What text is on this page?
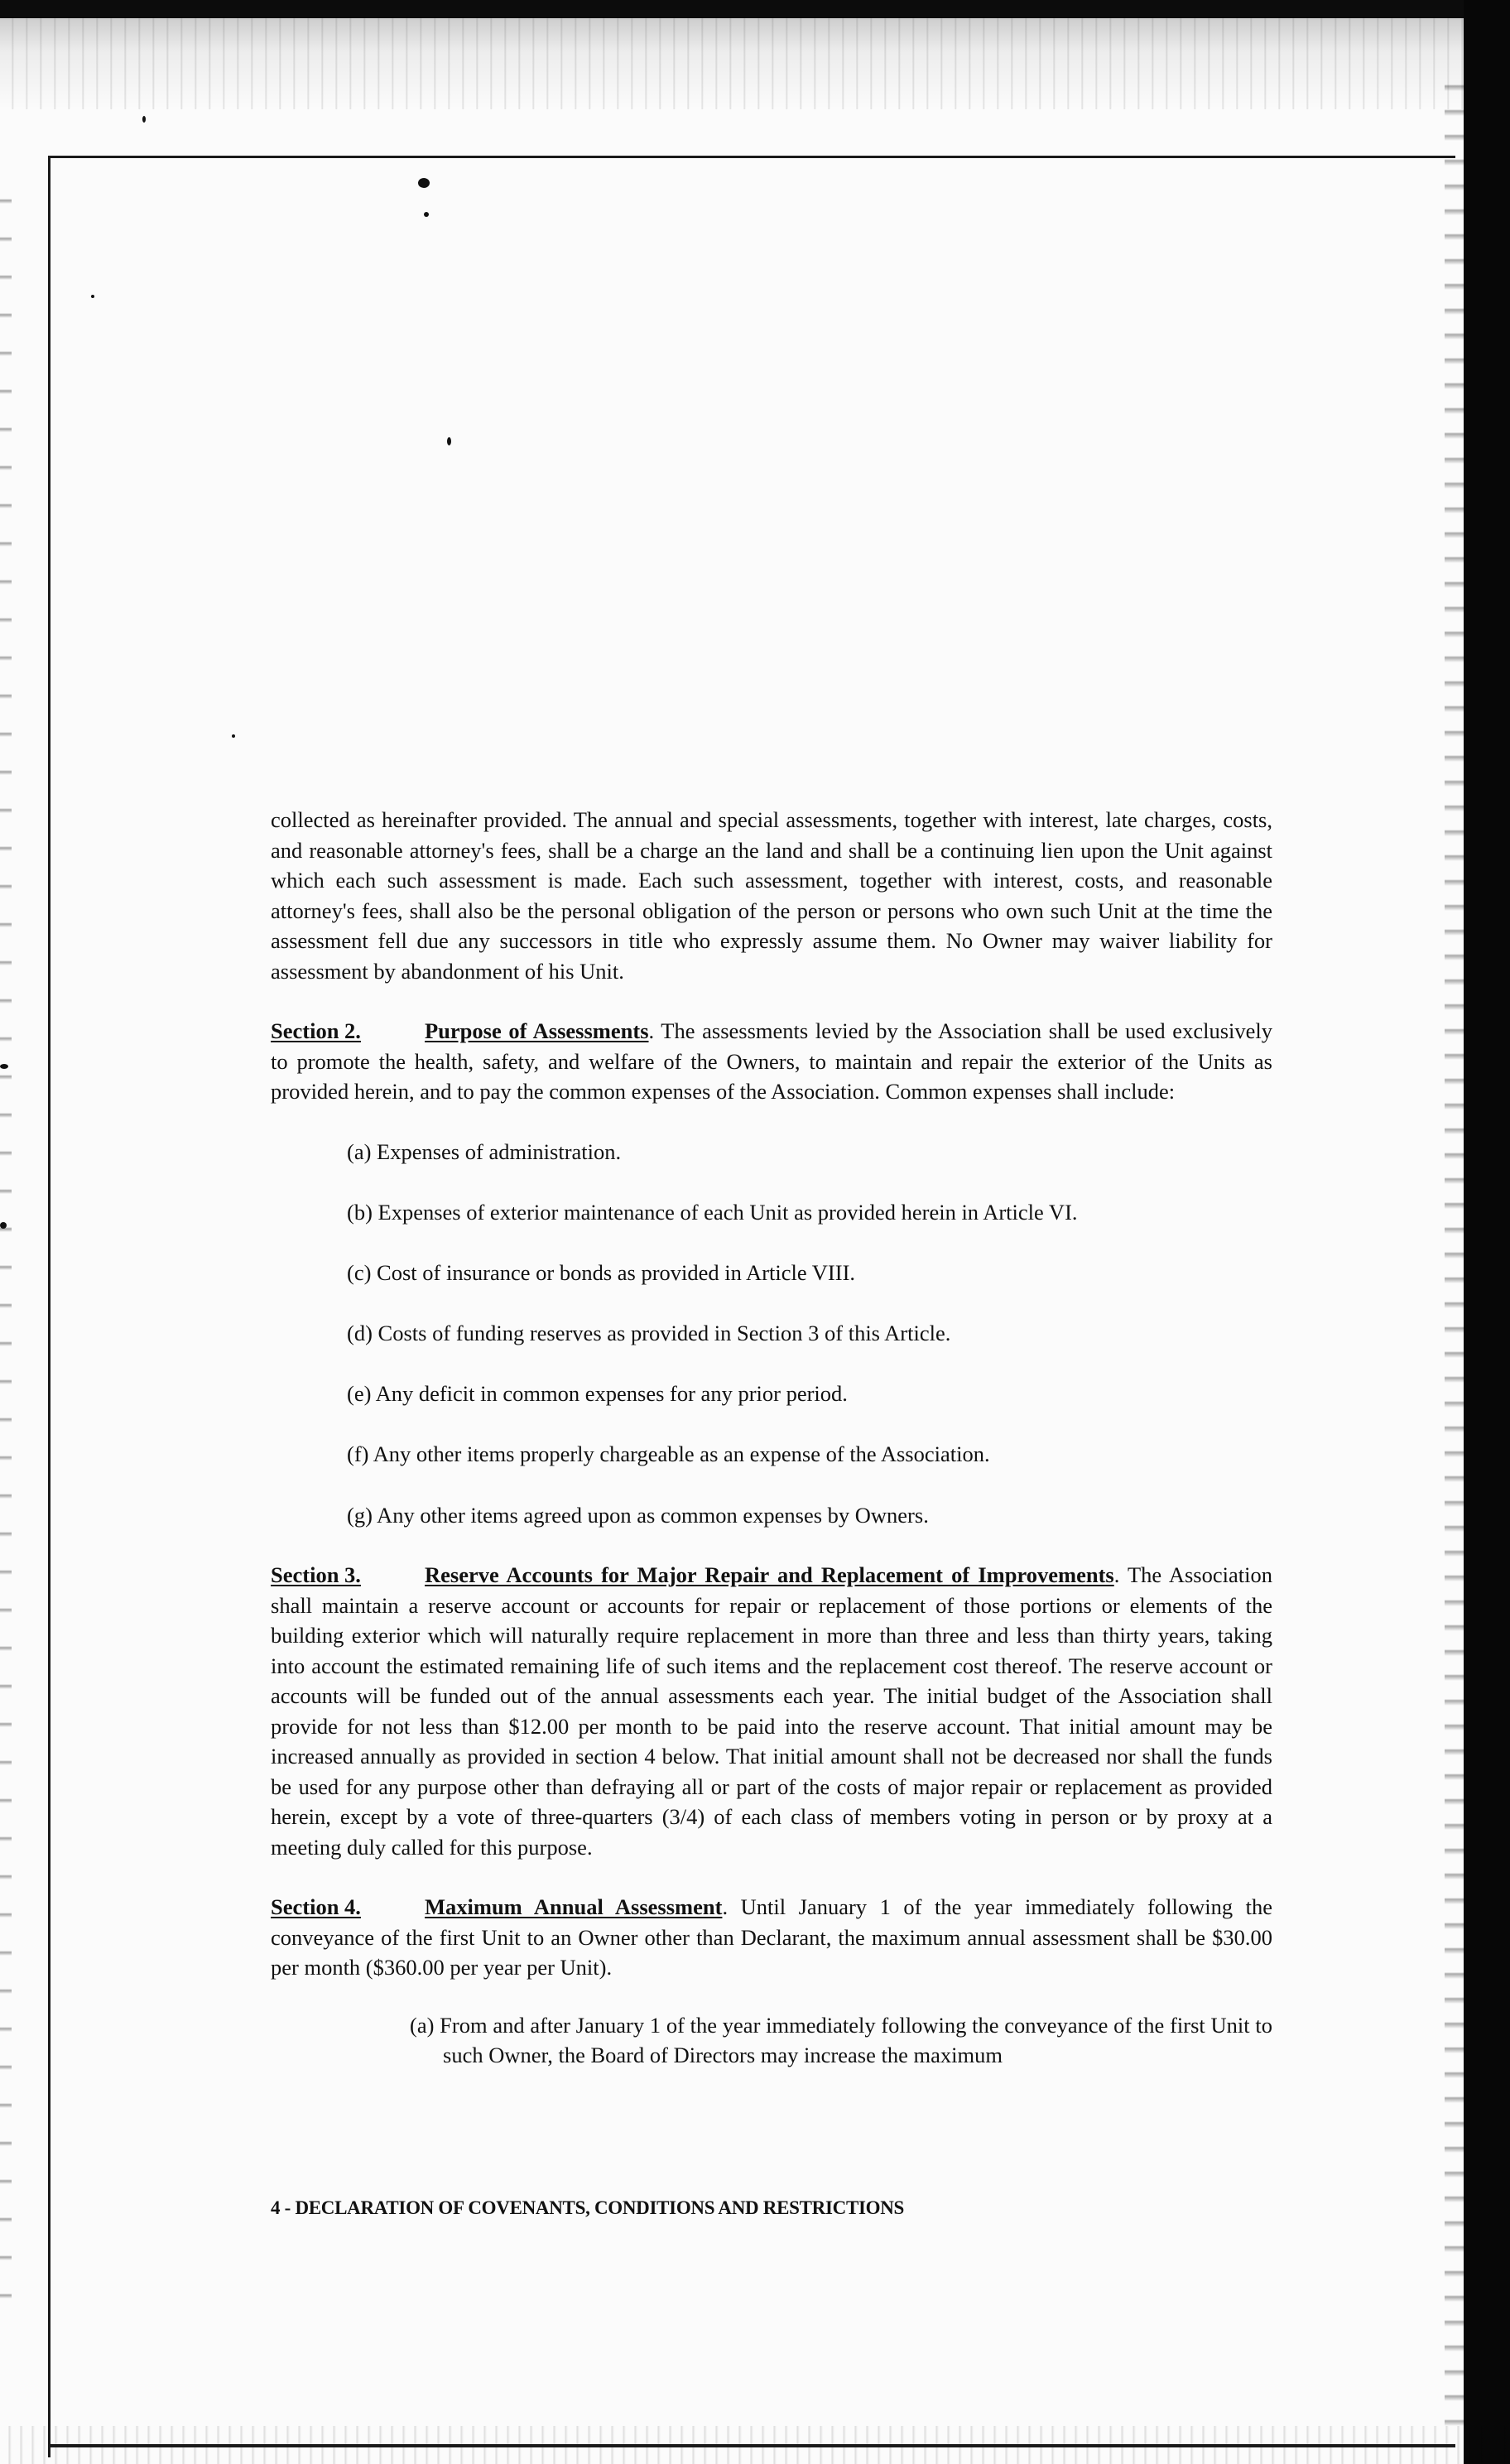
collected as hereinafter provided. The annual and special assessments, together with interest, late charges, costs, and reasonable attorney's fees, shall be a charge an the land and shall be a continuing lien upon the Unit against which each such assessment is made. Each such assessment, together with interest, costs, and reasonable attorney's fees, shall also be the personal obligation of the person or persons who own such Unit at the time the assessment fell due any successors in title who expressly assume them. No Owner may waiver liability for assessment by abandonment of his Unit.

Section 2.	Purpose of Assessments. The assessments levied by the Association shall be used exclusively to promote the health, safety, and welfare of the Owners, to maintain and repair the exterior of the Units as provided herein, and to pay the common expenses of the Association. Common expenses shall include:

(a) Expenses of administration.

(b) Expenses of exterior maintenance of each Unit as provided herein in Article VI.

(c) Cost of insurance or bonds as provided in Article VIII.

(d) Costs of funding reserves as provided in Section 3 of this Article.

(e) Any deficit in common expenses for any prior period.

(f) Any other items properly chargeable as an expense of the Association.

(g) Any other items agreed upon as common expenses by Owners.

Section 3.	Reserve Accounts for Major Repair and Replacement of Improvements. The Association shall maintain a reserve account or accounts for repair or replacement of those portions or elements of the building exterior which will naturally require replacement in more than three and less than thirty years, taking into account the estimated remaining life of such items and the replacement cost thereof. The reserve account or accounts will be funded out of the annual assessments each year. The initial budget of the Association shall provide for not less than $12.00 per month to be paid into the reserve account. That initial amount may be increased annually as provided in section 4 below. That initial amount shall not be decreased nor shall the funds be used for any purpose other than defraying all or part of the costs of major repair or replacement as provided herein, except by a vote of three-quarters (3/4) of each class of members voting in person or by proxy at a meeting duly called for this purpose.

Section 4.	Maximum Annual Assessment. Until January 1 of the year immediately following the conveyance of the first Unit to an Owner other than Declarant, the maximum annual assessment shall be $30.00 per month ($360.00 per year per Unit).

(a) From and after January 1 of the year immediately following the conveyance of the first Unit to such Owner, the Board of Directors may increase the maximum

4 - DECLARATION OF COVENANTS, CONDITIONS AND RESTRICTIONS
